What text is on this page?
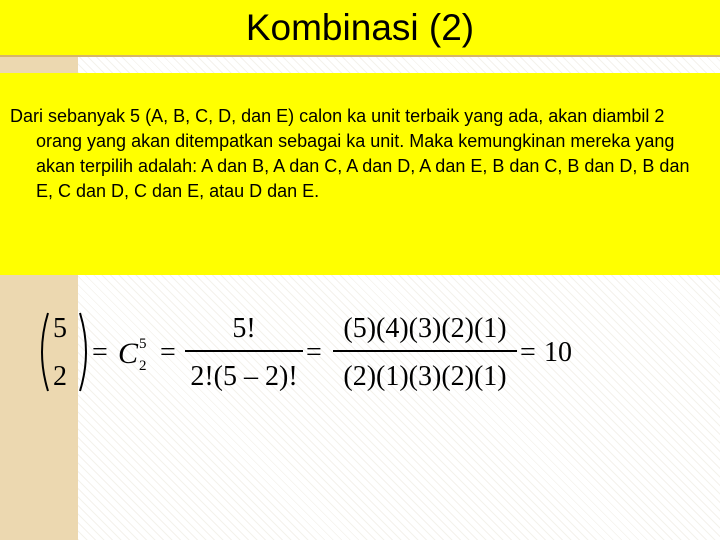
Kombinasi (2)

Dari sebanyak 5 (A, B, C, D, dan E) calon ka unit terbaik yang ada, akan diambil 2 orang yang akan ditempatkan sebagai ka unit. Maka kemungkinan mereka yang akan terpilih adalah: A dan B, A dan C, A dan D, A dan E, B dan C, B dan D, B dan E, C dan D, C dan E, atau D dan E.

5
2
= C 5
2 =
5!
2!(5 – 2)!
=
(5)(4)(3)(2)(1)
(2)(1)(3)(2)(1)
= 10
